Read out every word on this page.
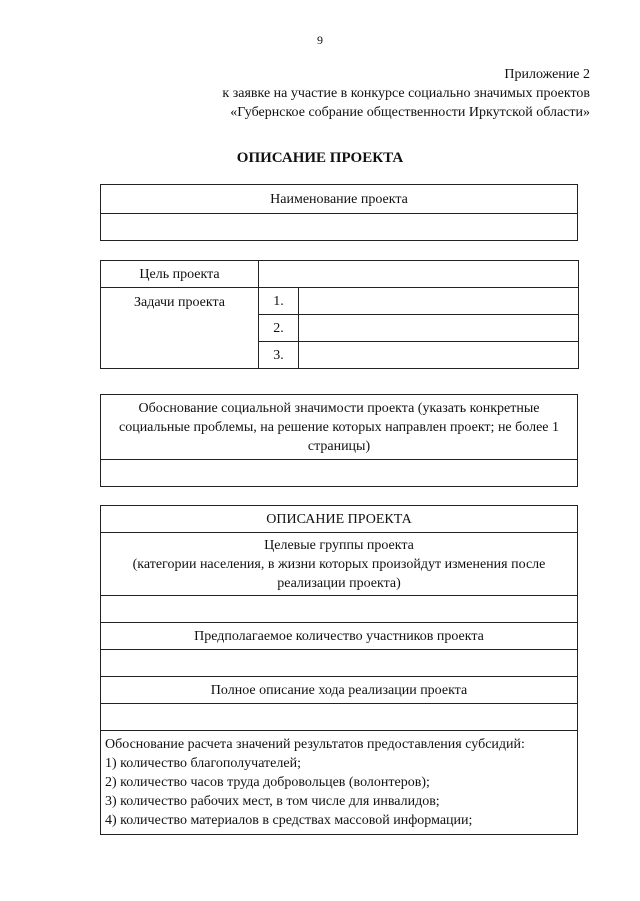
9
Приложение 2
к заявке на участие в конкурсе социально значимых проектов
«Губернское собрание общественности Иркутской области»
ОПИСАНИЕ ПРОЕКТА
Наименование проекта

Цель проекта		
Задачи проекта	1.	
	2.	
	3.	
Обоснование социальной значимости проекта (указать конкретные социальные проблемы, на решение которых направлен проект; не более 1 страницы)

ОПИСАНИЕ ПРОЕКТА

Целевые группы проекта
(категории населения, в жизни которых произойдут изменения после реализации проекта)

Предполагаемое количество участников проекта

Полное описание хода реализации проекта

Обоснование расчета значений результатов предоставления субсидий:
1) количество благополучателей;
2) количество часов труда добровольцев (волонтеров);
3) количество рабочих мест, в том числе для инвалидов;
4) количество материалов в средствах массовой информации;
